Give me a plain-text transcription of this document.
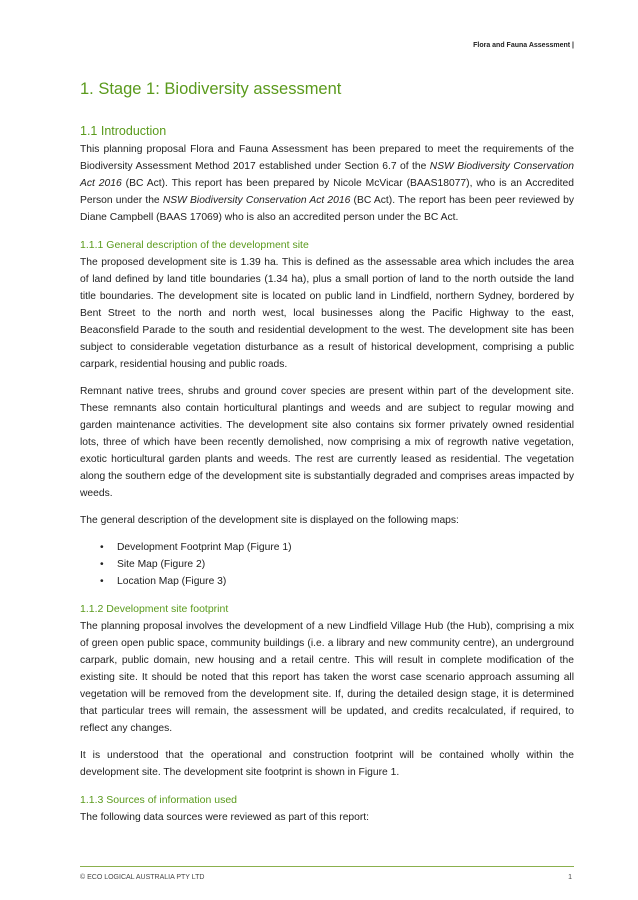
Flora and Fauna Assessment |
1. Stage 1: Biodiversity assessment
1.1 Introduction

This planning proposal Flora and Fauna Assessment has been prepared to meet the requirements of the Biodiversity Assessment Method 2017 established under Section 6.7 of the NSW Biodiversity Conservation Act 2016 (BC Act). This report has been prepared by Nicole McVicar (BAAS18077), who is an Accredited Person under the NSW Biodiversity Conservation Act 2016 (BC Act). The report has been peer reviewed by Diane Campbell (BAAS 17069) who is also an accredited person under the BC Act.

1.1.1 General description of the development site

The proposed development site is 1.39 ha. This is defined as the assessable area which includes the area of land defined by land title boundaries (1.34 ha), plus a small portion of land to the north outside the land title boundaries. The development site is located on public land in Lindfield, northern Sydney, bordered by Bent Street to the north and north west, local businesses along the Pacific Highway to the east, Beaconsfield Parade to the south and residential development to the west. The development site has been subject to considerable vegetation disturbance as a result of historical development, comprising a public carpark, residential housing and public roads.

Remnant native trees, shrubs and ground cover species are present within part of the development site. These remnants also contain horticultural plantings and weeds and are subject to regular mowing and garden maintenance activities. The development site also contains six former privately owned residential lots, three of which have been recently demolished, now comprising a mix of regrowth native vegetation, exotic horticultural garden plants and weeds. The rest are currently leased as residential. The vegetation along the southern edge of the development site is substantially degraded and comprises areas impacted by weeds.

The general description of the development site is displayed on the following maps:

• Development Footprint Map (Figure 1)
• Site Map (Figure 2)
• Location Map (Figure 3)
1.1.2 Development site footprint

The planning proposal involves the development of a new Lindfield Village Hub (the Hub), comprising a mix of green open public space, community buildings (i.e. a library and new community centre), an underground carpark, public domain, new housing and a retail centre. This will result in complete modification of the existing site. It should be noted that this report has taken the worst case scenario approach assuming all vegetation will be removed from the development site. If, during the detailed design stage, it is determined that particular trees will remain, the assessment will be updated, and credits recalculated, if required, to reflect any changes.

It is understood that the operational and construction footprint will be contained wholly within the development site. The development site footprint is shown in Figure 1.

1.1.3 Sources of information used

The following data sources were reviewed as part of this report:

© ECO LOGICAL AUSTRALIA PTY LTD	1
